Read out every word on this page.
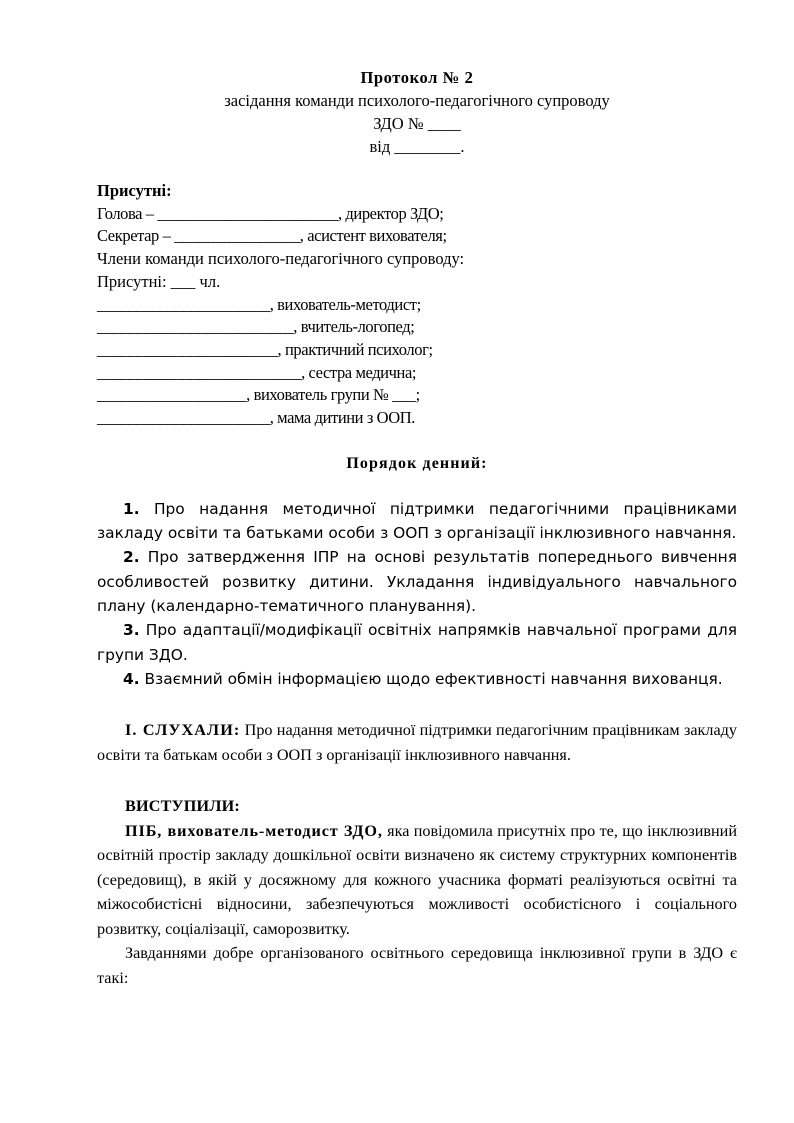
Протокол № 2
засідання команди психолого-педагогічного супроводу
ЗДО № ____
від ________.
Присутні:
Голова – _______________________, директор ЗДО;
Секретар – ________________, асистент вихователя;
Члени команди психолого-педагогічного супроводу:
Присутні: ___ чл.
______________________, вихователь-методист;
_________________________, вчитель-логопед;
_______________________, практичний психолог;
__________________________, сестра медична;
___________________, вихователь групи № ___;
______________________, мама дитини з ООП.
Порядок денний:

1. Про надання методичної підтримки педагогічними працівниками закладу освіти та батьками особи з ООП з організації інклюзивного навчання.

2. Про затвердження ІПР на основі результатів попереднього вивчення особливостей розвитку дитини. Укладання індивідуального навчального плану (календарно-тематичного планування).

3. Про адаптації/модифікації освітніх напрямків навчальної програми для групи ЗДО.

4. Взаємний обмін інформацією щодо ефективності навчання вихованця.

І. СЛУХАЛИ: Про надання методичної підтримки педагогічним працівникам закладу освіти та батькам особи з ООП з організації інклюзивного навчання.

ВИСТУПИЛИ:

ПІБ, вихователь-методист ЗДО, яка повідомила присутніх про те, що інклюзивний освітній простір закладу дошкільної освіти визначено як систему структурних компонентів (середовищ), в якій у досяжному для кожного учасника форматі реалізуються освітні та міжособистісні відносини, забезпечуються можливості особистісного і соціального розвитку, соціалізації, саморозвитку.

Завданнями добре організованого освітнього середовища інклюзивної групи в ЗДО є такі:
